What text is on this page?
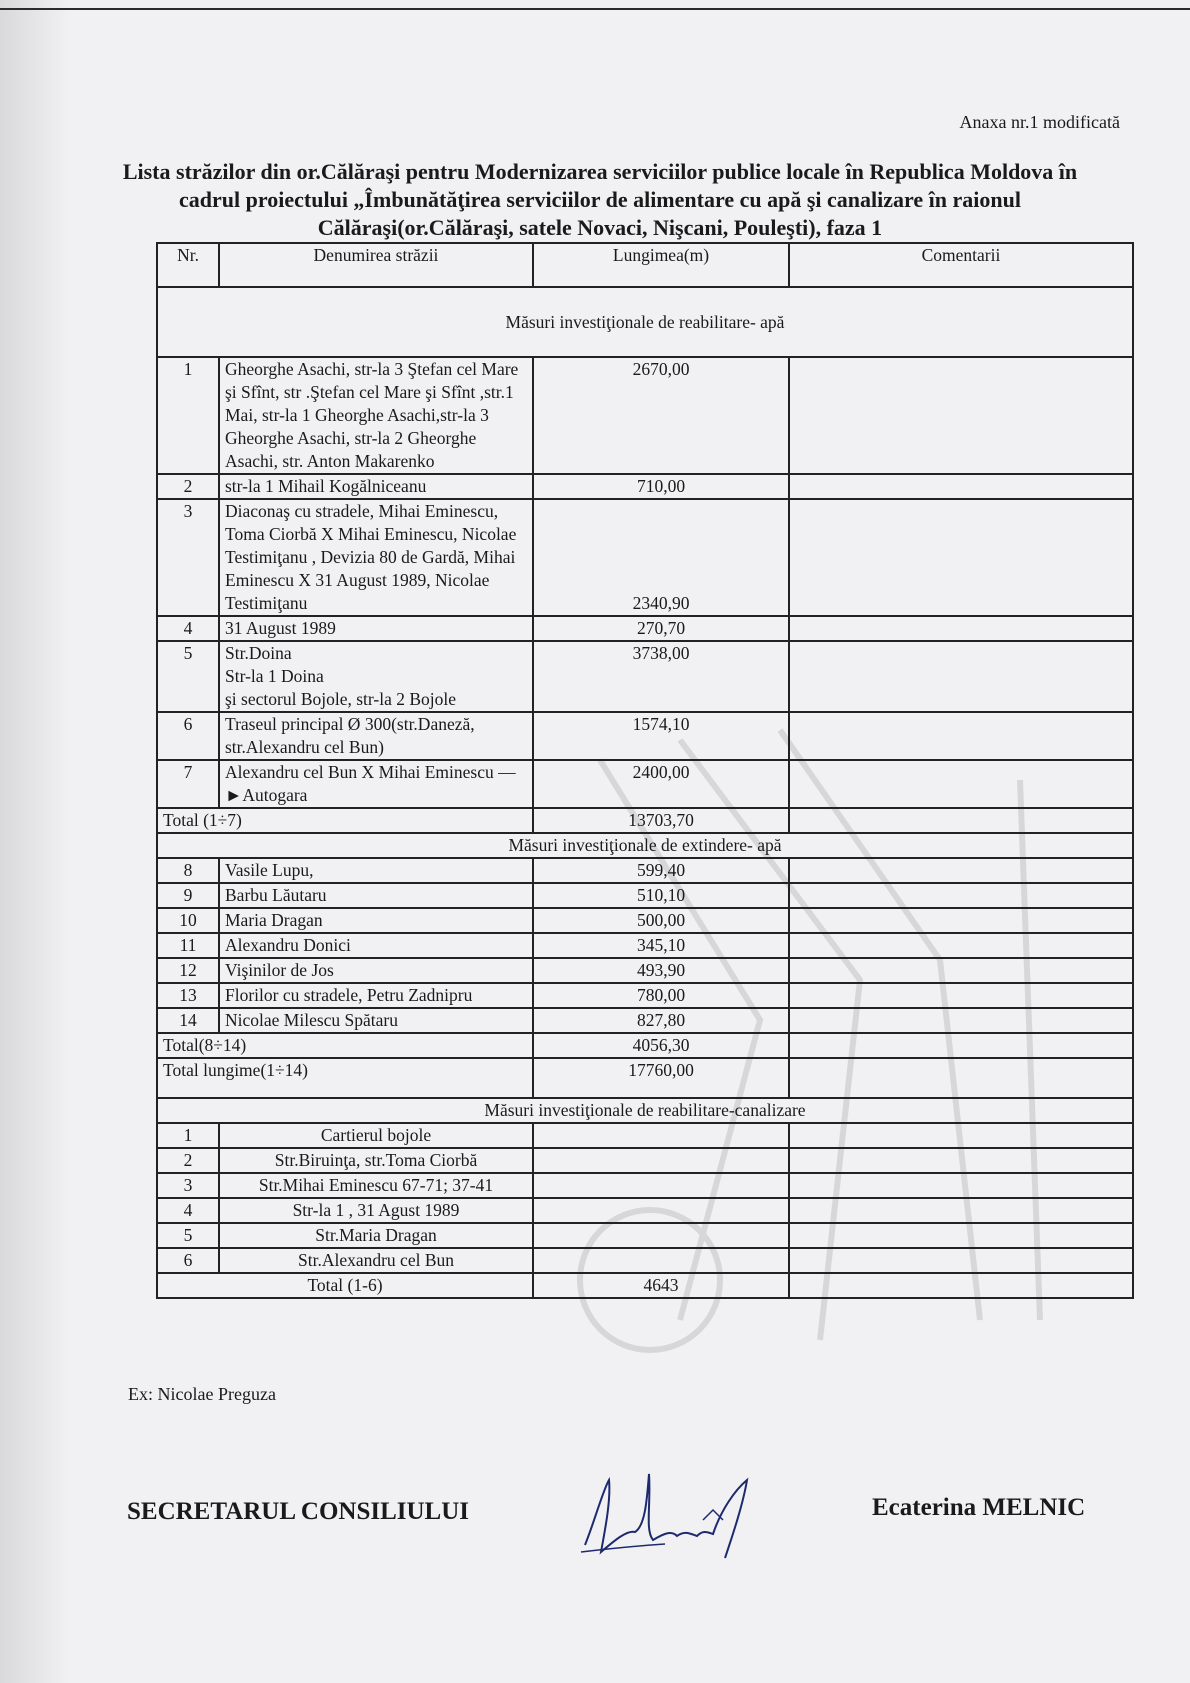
Anaxa nr.1 modificată
Lista străzilor din or.Călăraşi pentru Modernizarea serviciilor publice locale în Republica Moldova în cadrul proiectului „Îmbunătăţirea serviciilor de alimentare cu apă şi canalizare în raionul Călăraşi(or.Călăraşi, satele Novaci, Nişcani, Pouleşti), faza 1
Nr.	Denumirea străzii	Lungimea(m)	Comentarii
Măsuri investiţionale de reabilitare- apă			
1	Gheorghe Asachi, str-la 3 Ştefan cel Mare şi Sfînt, str .Ştefan cel Mare şi Sfînt ,str.1 Mai, str-la 1 Gheorghe Asachi,str-la 3 Gheorghe Asachi, str-la 2 Gheorghe Asachi, str. Anton Makarenko	2670,00	
2	str-la 1 Mihail Kogălniceanu	710,00	
3	Diaconaş cu stradele, Mihai Eminescu, Toma Ciorbă X Mihai Eminescu, Nicolae Testimiţanu , Devizia 80 de Gardă, Mihai Eminescu X 31 August 1989, Nicolae Testimiţanu	2340,90	
4	31 August 1989	270,70	
5	Str.Doina
Str-la 1 Doina
şi sectorul Bojole, str-la 2 Bojole	3738,00	
6	Traseul principal Ø 300(str.Daneză, str.Alexandru cel Bun)	1574,10	
7	Alexandru cel Bun X Mihai Eminescu —►Autogara	2400,00	
Total (1÷7)		13703,70	
Măsuri investiţionale de extindere- apă			
8	Vasile Lupu,	599,40	
9	Barbu Lăutaru	510,10	
10	Maria Dragan	500,00	
11	Alexandru Donici	345,10	
12	Vişinilor de Jos	493,90	
13	Florilor cu stradele, Petru Zadnipru	780,00	
14	Nicolae Milescu Spătaru	827,80	
Total(8÷14)		4056,30	
Total lungime(1÷14)		17760,00	
Măsuri investiţionale de reabilitare-canalizare			
1	Cartierul bojole		
2	Str.Biruinţa, str.Toma Ciorbă		
3	Str.Mihai Eminescu 67-71; 37-41		
4	Str-la 1 , 31 Agust 1989		
5	Str.Maria Dragan		
6	Str.Alexandru cel Bun		
Total (1-6)		4643	
Ex: Nicolae Preguza
SECRETARUL CONSILIULUI	Ecaterina MELNIC
